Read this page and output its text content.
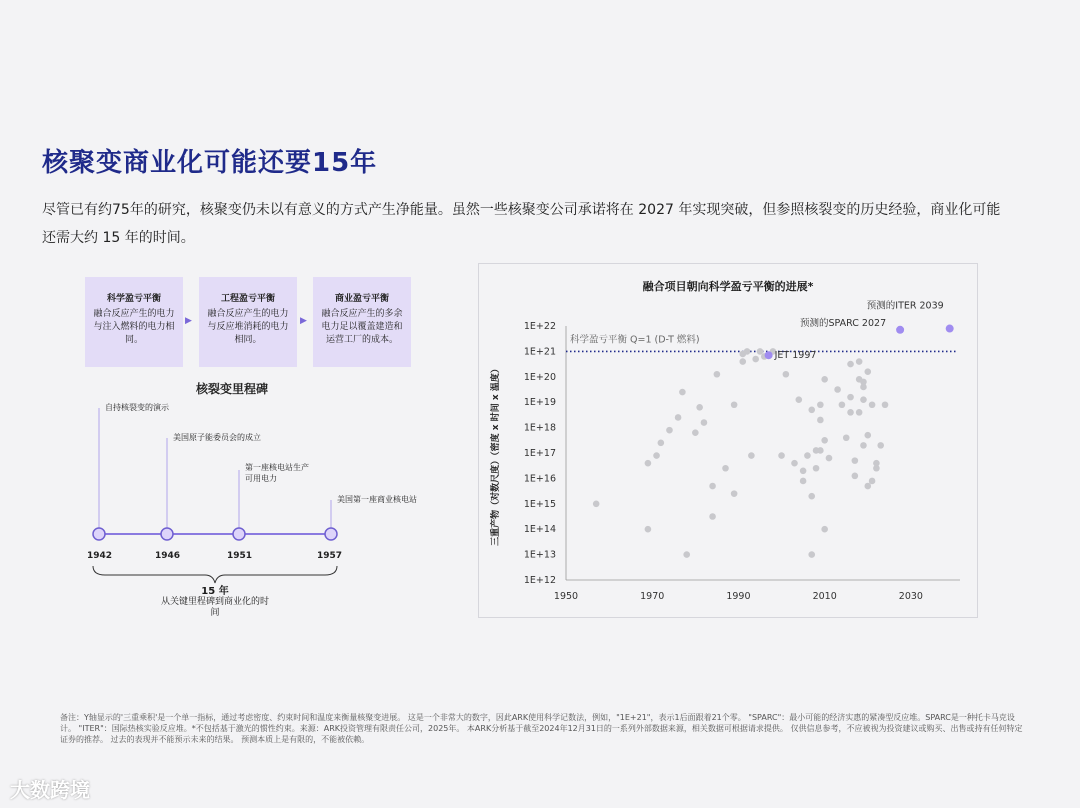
核聚变商业化可能还要15年
尽管已有约75年的研究，核聚变仍未以有意义的方式产生净能量。虽然一些核聚变公司承诺将在 2027 年实现突破，但参照核裂变的历史经验，商业化可能还需大约 15 年的时间。
科学盈亏平衡
融合反应产生的电力与注入燃料的电力相同。
▶
工程盈亏平衡
融合反应产生的电力与反应堆消耗的电力相同。
▶
商业盈亏平衡
融合反应产生的多余电力足以覆盖建造和运营工厂的成本。
核裂变里程碑
自持核裂变的演示
美国原子能委员会的成立
第一座核电站生产可用电力
美国第一座商业核电站
1942	1946	1951	1957
15 年
从关键里程碑到商业化的时间
融合项目朝向科学盈亏平衡的进展*
科学盈亏平衡 Q=1 (D-T 燃料)
三重产物（对数尺度）（密度 x 时间 x 温度）
1E+12
1E+13
1E+14
1E+15
1E+16
1E+17
1E+18
1E+19
1E+20
1E+21
1E+22
1950	1970	1990	2010	2030
JET 1997
预测的SPARC 2027
预测的ITER 2039
备注：Y轴显示的'三重乘积'是一个单一指标，通过考虑密度、约束时间和温度来衡量核聚变进展。 这是一个非常大的数字，因此ARK使用科学记数法，例如，"1E+21"，表示1后面跟着21个零。 "SPARC"：最小可能的经济实惠的紧凑型反应堆。SPARC是一种托卡马克设计。 "ITER"：国际热核实验反应堆。*不包括基于激光的惯性约束。来源：ARK投资管理有限责任公司，2025年。 本ARK分析基于截至2024年12月31日的一系列外部数据来源，相关数据可根据请求提供。 仅供信息参考，不应被视为投资建议或购买、出售或持有任何特定证券的推荐。 过去的表现并不能预示未来的结果。 预测本质上是有限的，不能被依赖。
大数跨境
